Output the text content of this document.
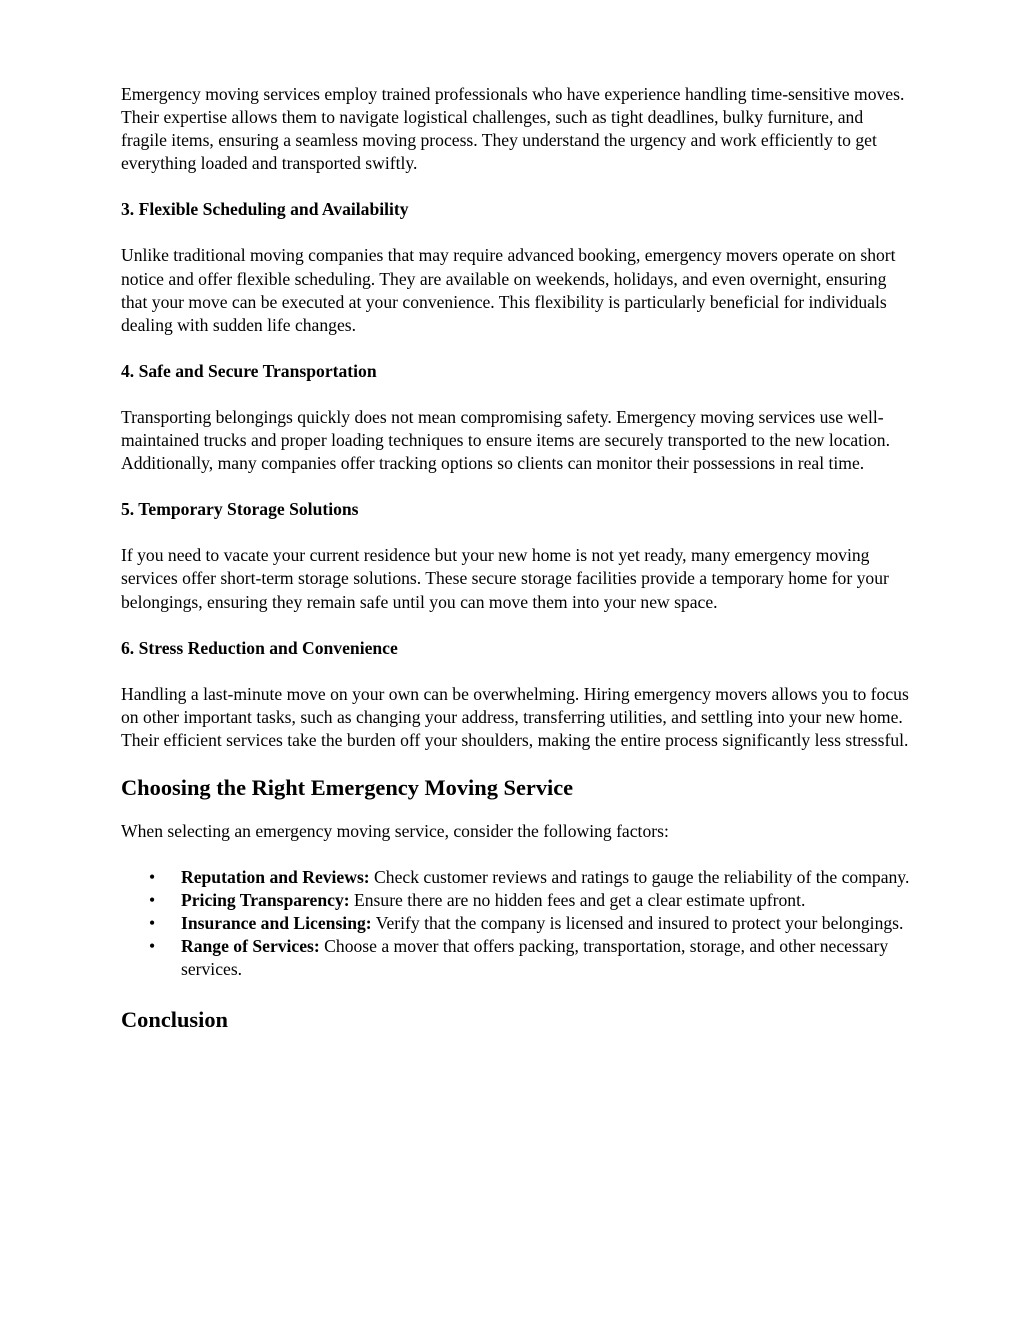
Emergency moving services employ trained professionals who have experience handling time-sensitive moves. Their expertise allows them to navigate logistical challenges, such as tight deadlines, bulky furniture, and fragile items, ensuring a seamless moving process. They understand the urgency and work efficiently to get everything loaded and transported swiftly.

3. Flexible Scheduling and Availability

Unlike traditional moving companies that may require advanced booking, emergency movers operate on short notice and offer flexible scheduling. They are available on weekends, holidays, and even overnight, ensuring that your move can be executed at your convenience. This flexibility is particularly beneficial for individuals dealing with sudden life changes.

4. Safe and Secure Transportation

Transporting belongings quickly does not mean compromising safety. Emergency moving services use well-maintained trucks and proper loading techniques to ensure items are securely transported to the new location. Additionally, many companies offer tracking options so clients can monitor their possessions in real time.

5. Temporary Storage Solutions

If you need to vacate your current residence but your new home is not yet ready, many emergency moving services offer short-term storage solutions. These secure storage facilities provide a temporary home for your belongings, ensuring they remain safe until you can move them into your new space.

6. Stress Reduction and Convenience

Handling a last-minute move on your own can be overwhelming. Hiring emergency movers allows you to focus on other important tasks, such as changing your address, transferring utilities, and settling into your new home. Their efficient services take the burden off your shoulders, making the entire process significantly less stressful.

Choosing the Right Emergency Moving Service

When selecting an emergency moving service, consider the following factors:

• Reputation and Reviews: Check customer reviews and ratings to gauge the reliability of the company.
• Pricing Transparency: Ensure there are no hidden fees and get a clear estimate upfront.
• Insurance and Licensing: Verify that the company is licensed and insured to protect your belongings.
• Range of Services: Choose a mover that offers packing, transportation, storage, and other necessary services.
Conclusion
